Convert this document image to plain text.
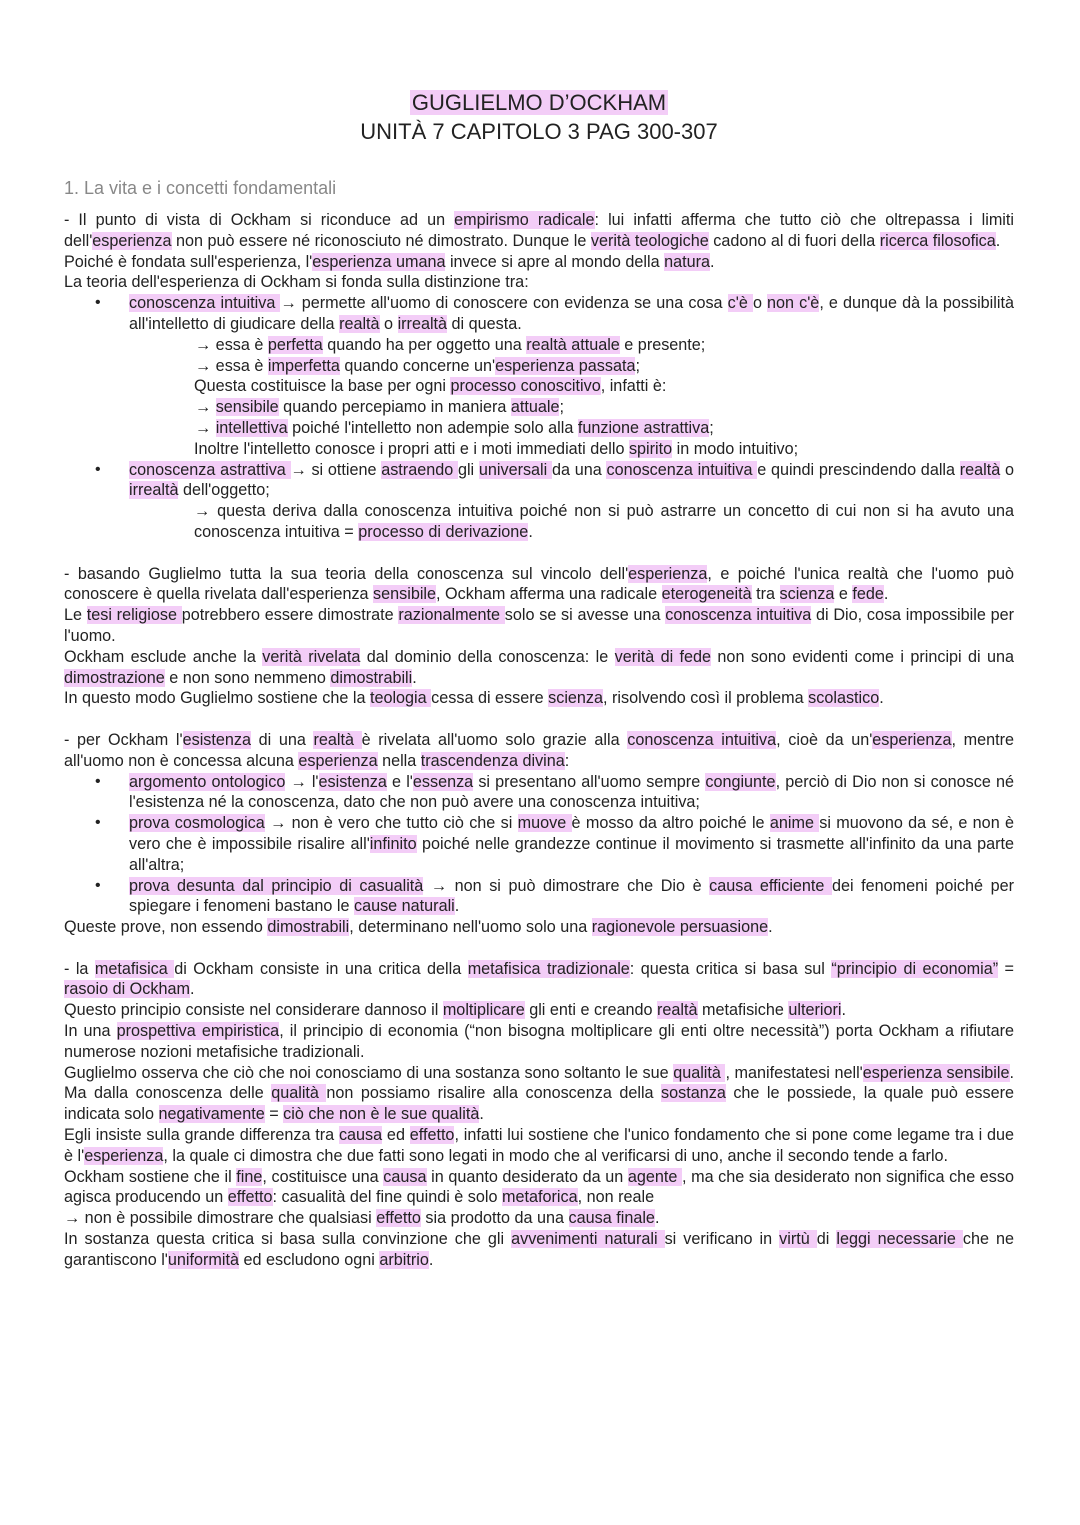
GUGLIELMO D’OCKHAM
UNITÀ 7 CAPITOLO 3 PAG 300-307
1. La vita e i concetti fondamentali

- Il punto di vista di Ockham si riconduce ad un empirismo radicale: lui infatti afferma che tutto ciò che oltrepassa i limiti dell'esperienza non può essere né riconosciuto né dimostrato. Dunque le verità teologiche cadono al di fuori della ricerca filosofica.

Poiché è fondata sull'esperienza, l'esperienza umana invece si apre al mondo della natura.

La teoria dell'esperienza di Ockham si fonda sulla distinzione tra:

• conoscenza intuitiva → permette all'uomo di conoscere con evidenza se una cosa c'è o non c'è, e dunque dà la possibilità all'intelletto di giudicare della realtà o irrealtà di questa.
→ essa è perfetta quando ha per oggetto una realtà attuale e presente;
→ essa è imperfetta quando concerne un'esperienza passata;
Questa costituisce la base per ogni processo conoscitivo, infatti è:
→ sensibile quando percepiamo in maniera attuale;
→ intellettiva poiché l'intelletto non adempie solo alla funzione astrattiva;
Inoltre l'intelletto conosce i propri atti e i moti immediati dello spirito in modo intuitivo;
• conoscenza astrattiva → si ottiene astraendo gli universali da una conoscenza intuitiva e quindi prescindendo dalla realtà o irrealtà dell'oggetto;
→ questa deriva dalla conoscenza intuitiva poiché non si può astrarre un concetto di cui non si ha avuto una conoscenza intuitiva = processo di derivazione.

- basando Guglielmo tutta la sua teoria della conoscenza sul vincolo dell'esperienza, e poiché l'unica realtà che l'uomo può conoscere è quella rivelata dall'esperienza sensibile, Ockham afferma una radicale eterogeneità tra scienza e fede.

Le tesi religiose potrebbero essere dimostrate razionalmente solo se si avesse una conoscenza intuitiva di Dio, cosa impossibile per l'uomo.

Ockham esclude anche la verità rivelata dal dominio della conoscenza: le verità di fede non sono evidenti come i principi di una dimostrazione e non sono nemmeno dimostrabili.

In questo modo Guglielmo sostiene che la teologia cessa di essere scienza, risolvendo così il problema scolastico.

- per Ockham l'esistenza di una realtà è rivelata all'uomo solo grazie alla conoscenza intuitiva, cioè da un'esperienza, mentre all'uomo non è concessa alcuna esperienza nella trascendenza divina:

• argomento ontologico → l'esistenza e l'essenza si presentano all'uomo sempre congiunte, perciò di Dio non si conosce né l'esistenza né la conoscenza, dato che non può avere una conoscenza intuitiva;
• prova cosmologica → non è vero che tutto ciò che si muove è mosso da altro poiché le anime si muovono da sé, e non è vero che è impossibile risalire all'infinito poiché nelle grandezze continue il movimento si trasmette all'infinito da una parte all'altra;
• prova desunta dal principio di casualità → non si può dimostrare che Dio è causa efficiente dei fenomeni poiché per spiegare i fenomeni bastano le cause naturali.

Queste prove, non essendo dimostrabili, determinano nell'uomo solo una ragionevole persuasione.

- la metafisica di Ockham consiste in una critica della metafisica tradizionale: questa critica si basa sul “principio di economia” = rasoio di Ockham.

Questo principio consiste nel considerare dannoso il moltiplicare gli enti e creando realtà metafisiche ulteriori.

In una prospettiva empiristica, il principio di economia (“non bisogna moltiplicare gli enti oltre necessità”) porta Ockham a rifiutare numerose nozioni metafisiche tradizionali.

Guglielmo osserva che ciò che noi conosciamo di una sostanza sono soltanto le sue qualità , manifestatesi nell'esperienza sensibile. Ma dalla conoscenza delle qualità non possiamo risalire alla conoscenza della sostanza che le possiede, la quale può essere indicata solo negativamente = ciò che non è le sue qualità.

Egli insiste sulla grande differenza tra causa ed effetto, infatti lui sostiene che l'unico fondamento che si pone come legame tra i due è l'esperienza, la quale ci dimostra che due fatti sono legati in modo che al verificarsi di uno, anche il secondo tende a farlo.

Ockham sostiene che il fine, costituisce una causa in quanto desiderato da un agente , ma che sia desiderato non significa che esso agisca producendo un effetto: casualità del fine quindi è solo metaforica, non reale

→ non è possibile dimostrare che qualsiasi effetto sia prodotto da una causa finale.

In sostanza questa critica si basa sulla convinzione che gli avvenimenti naturali si verificano in virtù di leggi necessarie che ne garantiscono l'uniformità ed escludono ogni arbitrio.
